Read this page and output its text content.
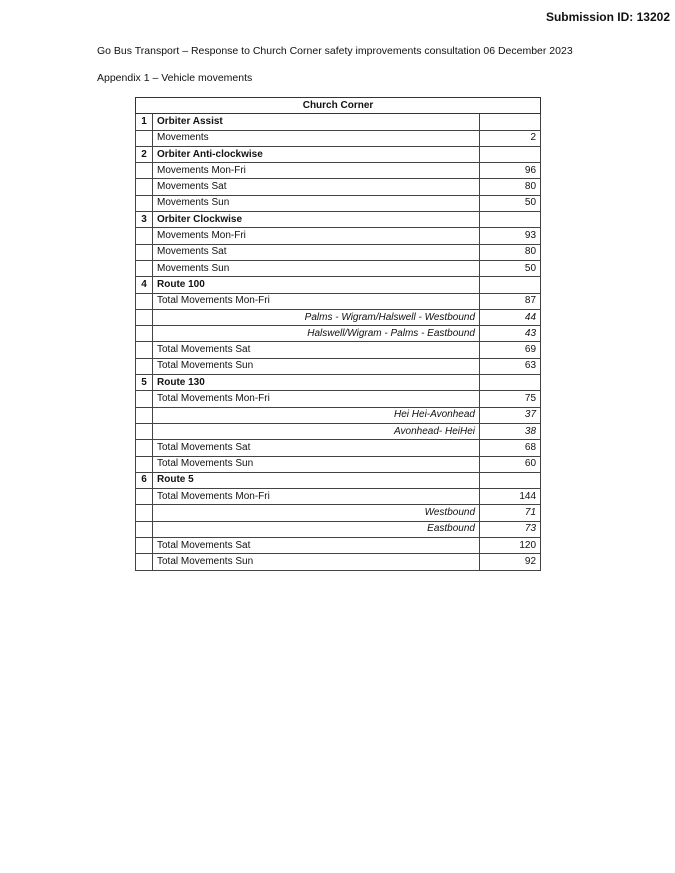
Submission ID: 13202
Go Bus Transport – Response to Church Corner safety improvements consultation 06 December 2023
Appendix 1 – Vehicle movements
Church Corner		
1	Orbiter Assist	
	Movements	2
2	Orbiter Anti-clockwise	
	Movements Mon-Fri	96
	Movements Sat	80
	Movements Sun	50
3	Orbiter Clockwise	
	Movements Mon-Fri	93
	Movements Sat	80
	Movements Sun	50
4	Route 100	
	Total Movements Mon-Fri	87
	Palms - Wigram/Halswell - Westbound	44
	Halswell/Wigram - Palms - Eastbound	43
	Total Movements Sat	69
	Total Movements Sun	63
5	Route 130	
	Total Movements Mon-Fri	75
	Hei Hei-Avonhead	37
	Avonhead- HeiHei	38
	Total Movements Sat	68
	Total Movements Sun	60
6	Route 5	
	Total Movements Mon-Fri	144
	Westbound	71
	Eastbound	73
	Total Movements Sat	120
	Total Movements Sun	92
